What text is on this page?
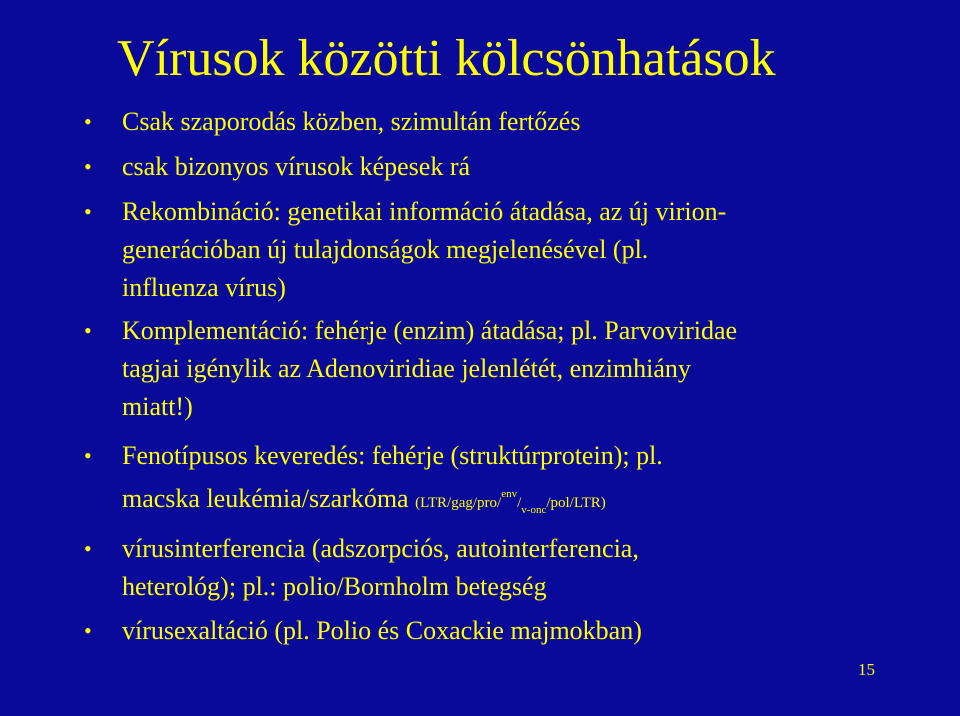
Vírusok közötti kölcsönhatások
• Csak szaporodás közben, szimultán fertőzés
• csak bizonyos vírusok képesek rá
• Rekombináció: genetikai információ átadása, az új virion-
generációban új tulajdonságok megjelenésével (pl.
influenza vírus)
• Komplementáció: fehérje (enzim) átadása; pl. Parvoviridae
tagjai igénylik az Adenoviridiae jelenlétét, enzimhiány
miatt!)
• Fenotípusos keveredés: fehérje (struktúrprotein); pl.
macska leukémia/szarkóma $(LTR/gag/pro/^{env}/_{v-onc}/pol/LTR)$
• vírusinterferencia (adszorpciós, autointerferencia,
heterológ); pl.: polio/Bornholm betegség
• vírusexaltáció (pl. Polio és Coxackie majmokban)
15
